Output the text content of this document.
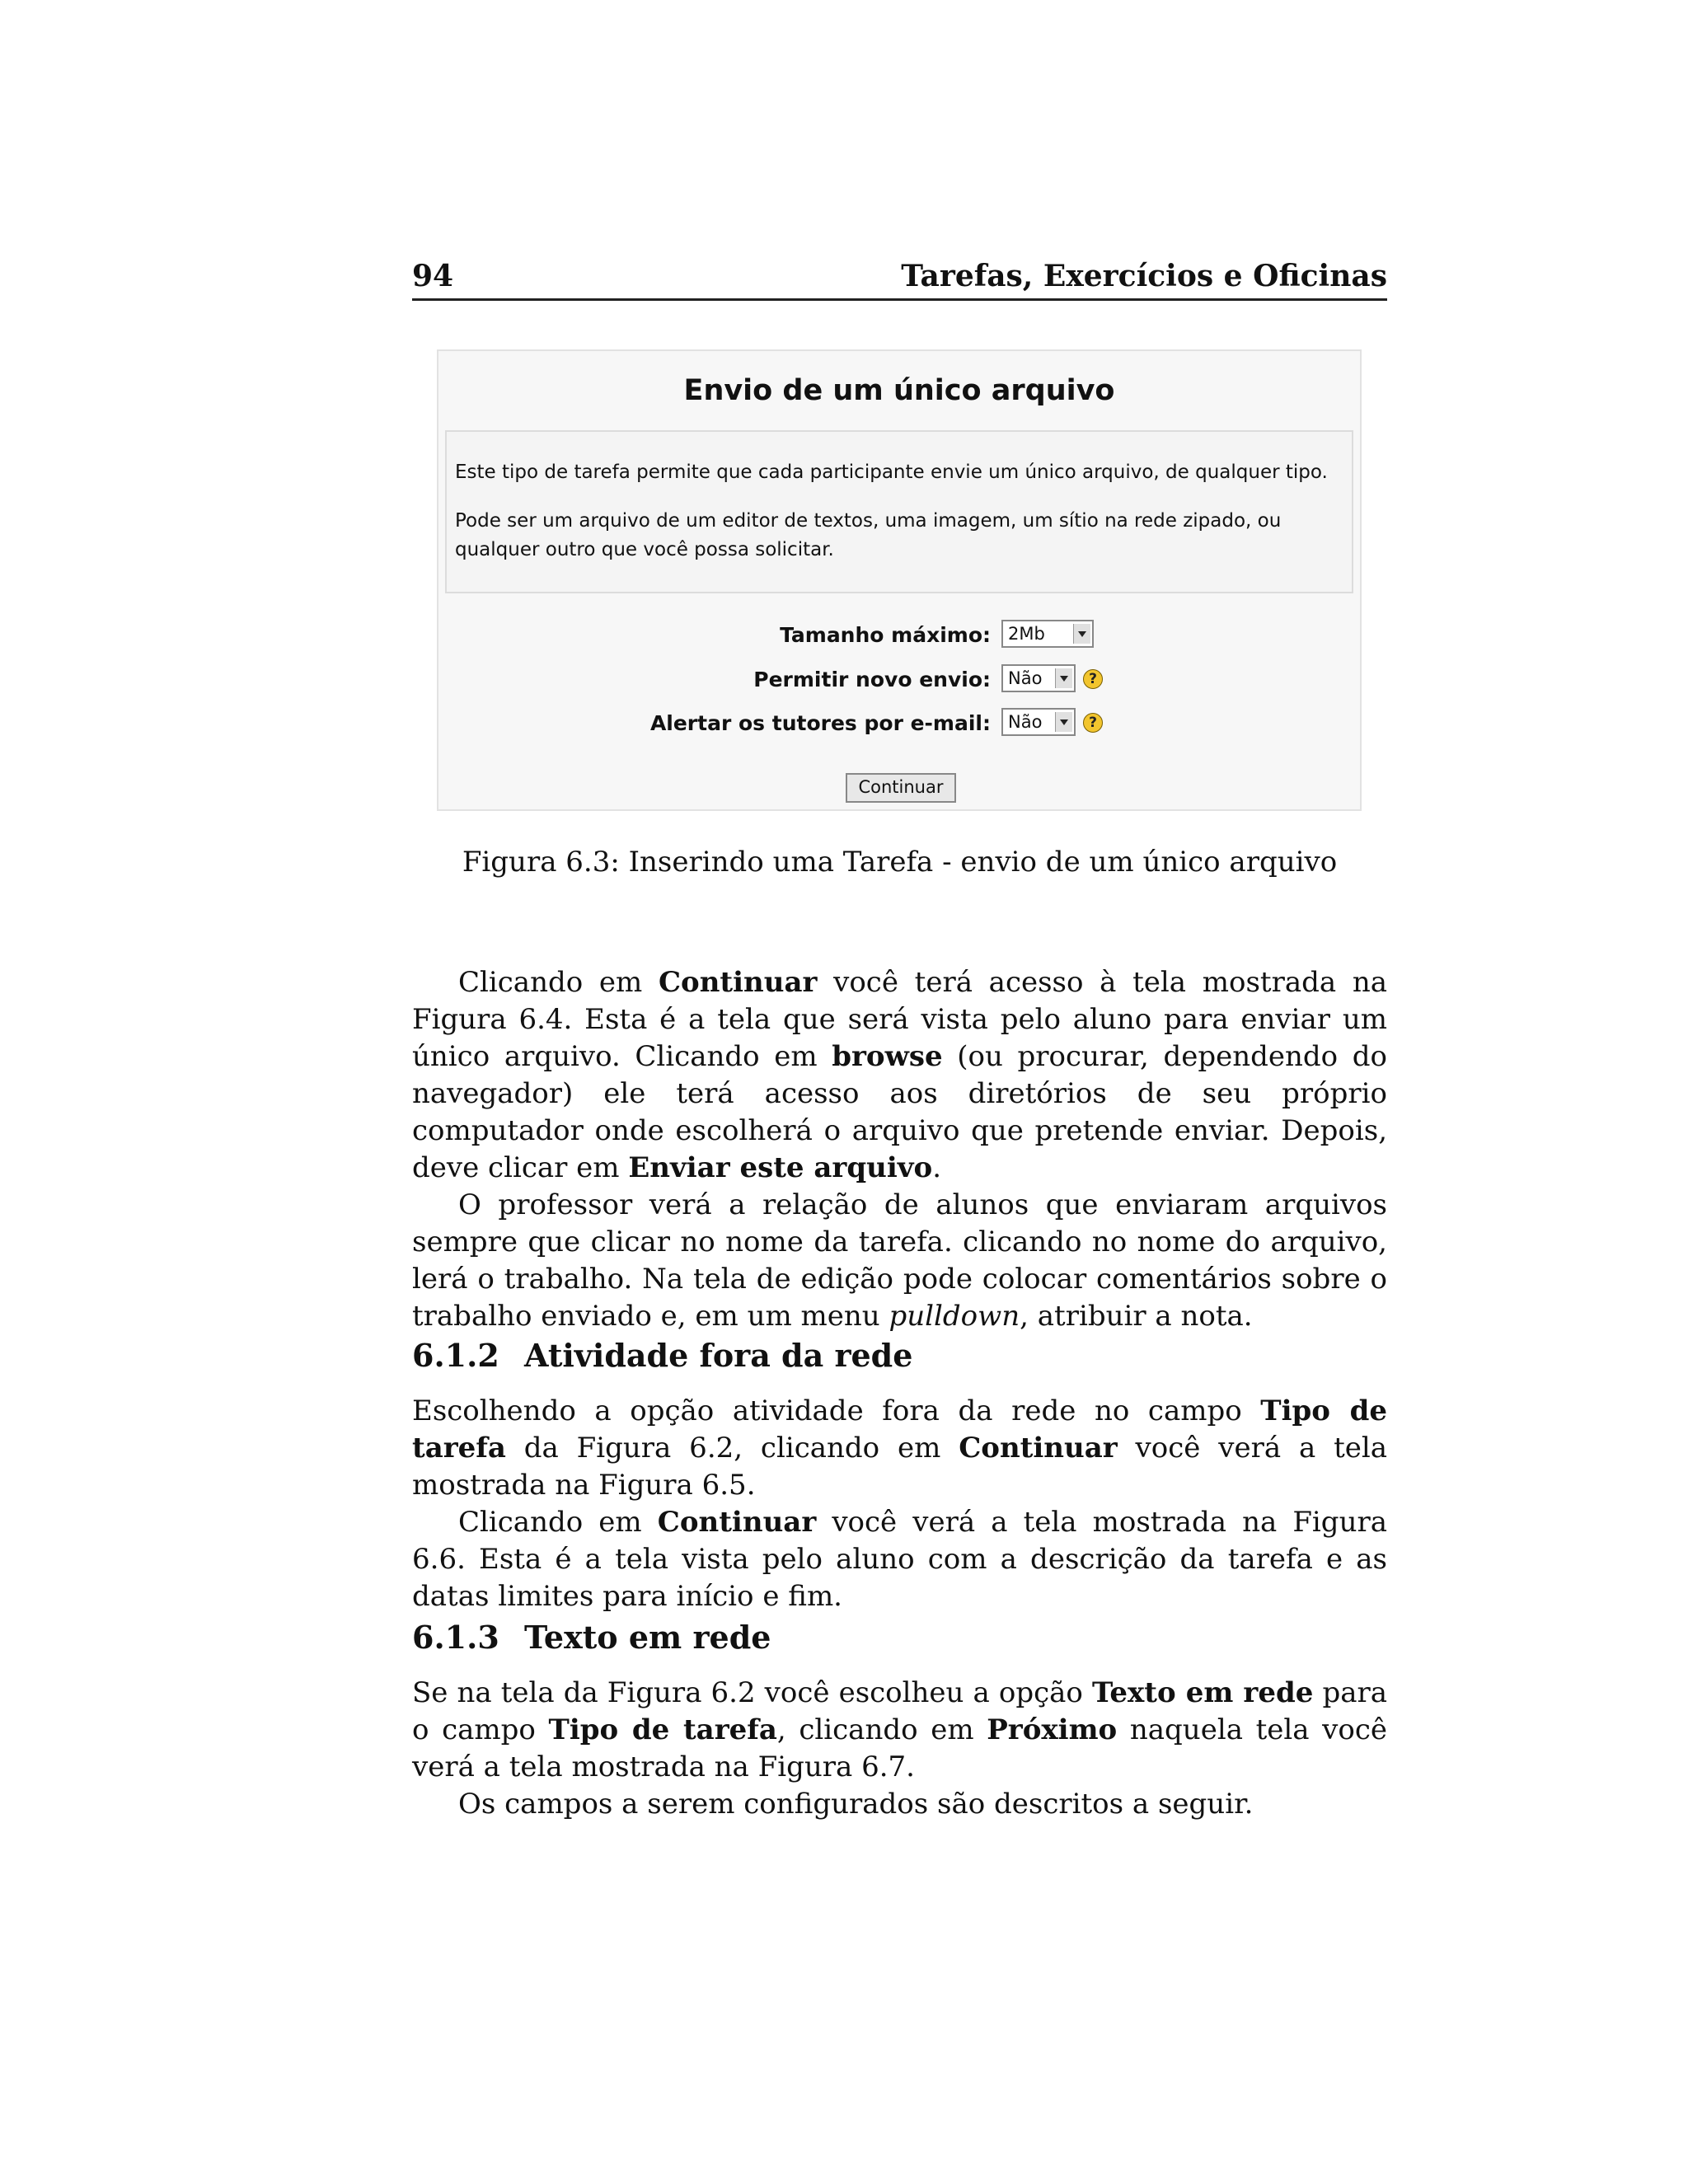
94	Tarefas, Exercícios e Oficinas
Envio de um único arquivo

Este tipo de tarefa permite que cada participante envie um único arquivo, de qualquer tipo.

Pode ser um arquivo de um editor de textos, uma imagem, um sítio na rede zipado, ou qualquer outro que você possa solicitar.

Tamanho máximo:	2Mb
Permitir novo envio:	Não	?
Alertar os tutores por e-mail:	Não	?
Continuar
Figura 6.3: Inserindo uma Tarefa - envio de um único arquivo

Clicando em Continuar você terá acesso à tela mostrada na Figura 6.4. Esta é a tela que será vista pelo aluno para enviar um único arquivo. Clicando em browse (ou procurar, dependendo do navegador) ele terá acesso aos diretórios de seu próprio computador onde escolherá o arquivo que pretende enviar. Depois, deve clicar em Enviar este arquivo.

O professor verá a relação de alunos que enviaram arquivos sempre que clicar no nome da tarefa. clicando no nome do arquivo, lerá o trabalho. Na tela de edição pode colocar comentários sobre o trabalho enviado e, em um menu pulldown, atribuir a nota.

6.1.2 Atividade fora da rede

Escolhendo a opção atividade fora da rede no campo Tipo de tarefa da Figura 6.2, clicando em Continuar você verá a tela mostrada na Figura 6.5.

Clicando em Continuar você verá a tela mostrada na Figura 6.6. Esta é a tela vista pelo aluno com a descrição da tarefa e as datas limites para início e fim.

6.1.3 Texto em rede

Se na tela da Figura 6.2 você escolheu a opção Texto em rede para o campo Tipo de tarefa, clicando em Próximo naquela tela você verá a tela mostrada na Figura 6.7.

Os campos a serem configurados são descritos a seguir.
